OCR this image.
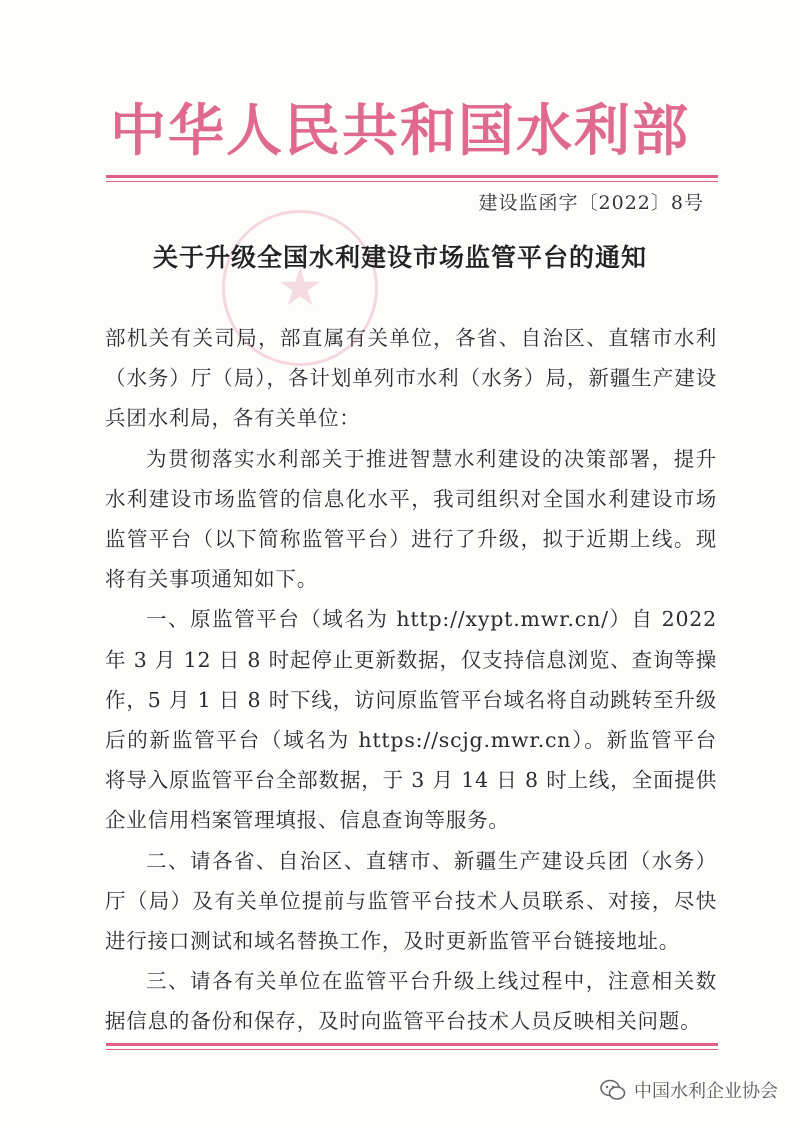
中华人民共和国水利部
建设监函字〔2022〕8号
★
关于升级全国水利建设市场监管平台的通知

部机关有关司局，部直属有关单位，各省、自治区、直辖市水利（水务）厅（局），各计划单列市水利（水务）局，新疆生产建设兵团水利局，各有关单位：

为贯彻落实水利部关于推进智慧水利建设的决策部署，提升水利建设市场监管的信息化水平，我司组织对全国水利建设市场监管平台（以下简称监管平台）进行了升级，拟于近期上线。现将有关事项通知如下。

一、原监管平台（域名为 http://xypt.mwr.cn/）自 2022 年 3 月 12 日 8 时起停止更新数据，仅支持信息浏览、查询等操作，5 月 1 日 8 时下线，访问原监管平台域名将自动跳转至升级后的新监管平台（域名为 https://scjg.mwr.cn）。新监管平台将导入原监管平台全部数据，于 3 月 14 日 8 时上线，全面提供企业信用档案管理填报、信息查询等服务。

二、请各省、自治区、直辖市、新疆生产建设兵团（水务）厅（局）及有关单位提前与监管平台技术人员联系、对接，尽快进行接口测试和域名替换工作，及时更新监管平台链接地址。

三、请各有关单位在监管平台升级上线过程中，注意相关数据信息的备份和保存，及时向监管平台技术人员反映相关问题。

中国水利企业协会
